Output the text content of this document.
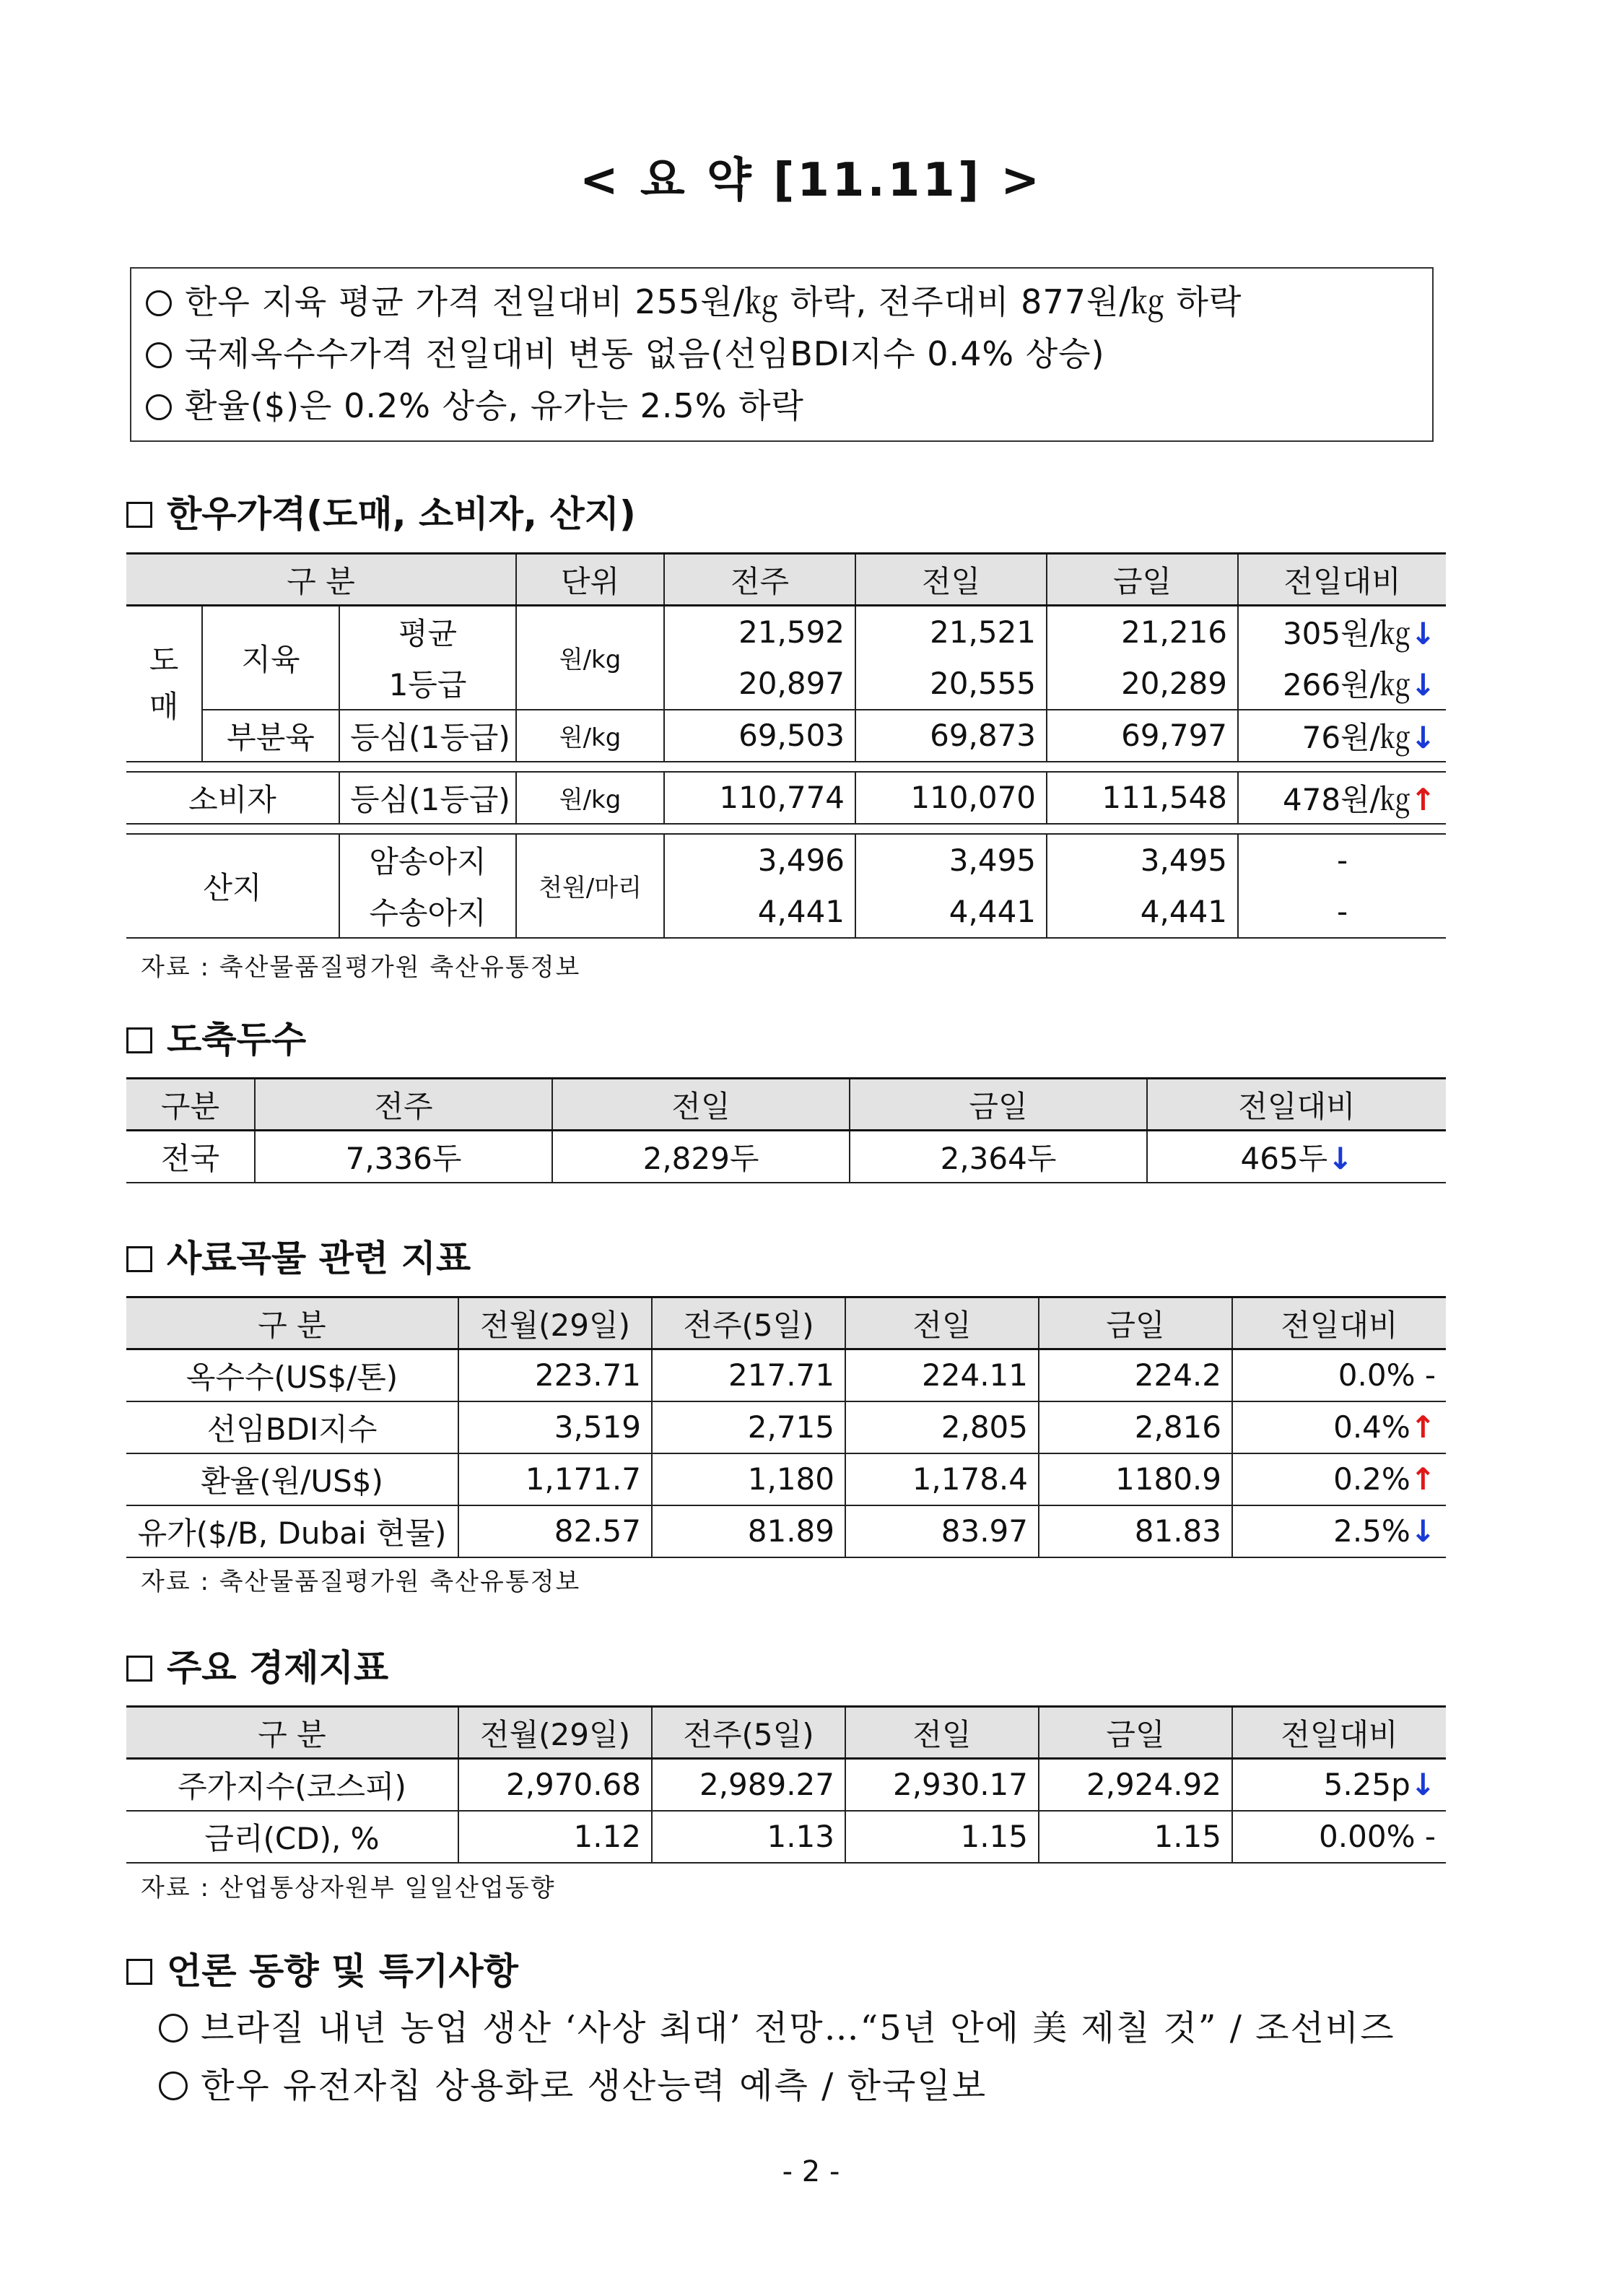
< 요 약 [11.11] >
한우 지육 평균 가격 전일대비 255원/㎏ 하락, 전주대비 877원/㎏ 하락
국제옥수수가격 전일대비 변동 없음(선임BDI지수 0.4% 상승)
환율($)은 0.2% 상승, 유가는 2.5% 하락
한우가격(도매, 소비자, 산지)
구 분			단위	전주	전일	금일	전일대비
도
매	지육	평균	원/kg	21,592	21,521	21,216	305원/㎏↓
		1등급		20,897	20,555	20,289	266원/㎏↓
	부분육	등심(1등급)	원/kg	69,503	69,873	69,797	76원/㎏↓

소비자		등심(1등급)	원/kg	110,774	110,070	111,548	478원/㎏↑

산지		암송아지	천원/마리	3,496	3,495	3,495	-
		수송아지		4,441	4,441	4,441	-
자료 : 축산물품질평가원 축산유통정보
도축두수
구분	전주	전일	금일	전일대비
전국	7,336두	2,829두	2,364두	465두↓
사료곡물 관련 지표
구 분	전월(29일)	전주(5일)	전일	금일	전일대비
옥수수(US$/톤)	223.71	217.71	224.11	224.2	0.0% -
선임BDI지수	3,519	2,715	2,805	2,816	0.4%↑
환율(원/US$)	1,171.7	1,180	1,178.4	1180.9	0.2%↑
유가($/B, Dubai 현물)	82.57	81.89	83.97	81.83	2.5%↓
자료 : 축산물품질평가원 축산유통정보
주요 경제지표
구 분	전월(29일)	전주(5일)	전일	금일	전일대비
주가지수(코스피)	2,970.68	2,989.27	2,930.17	2,924.92	5.25p↓
금리(CD), %	1.12	1.13	1.15	1.15	0.00% -
자료 : 산업통상자원부 일일산업동향
언론 동향 및 특기사항
브라질 내년 농업 생산 ‘사상 최대’ 전망…“5년 안에 美 제칠 것” / 조선비즈
한우 유전자칩 상용화로 생산능력 예측 / 한국일보
- 2 -
